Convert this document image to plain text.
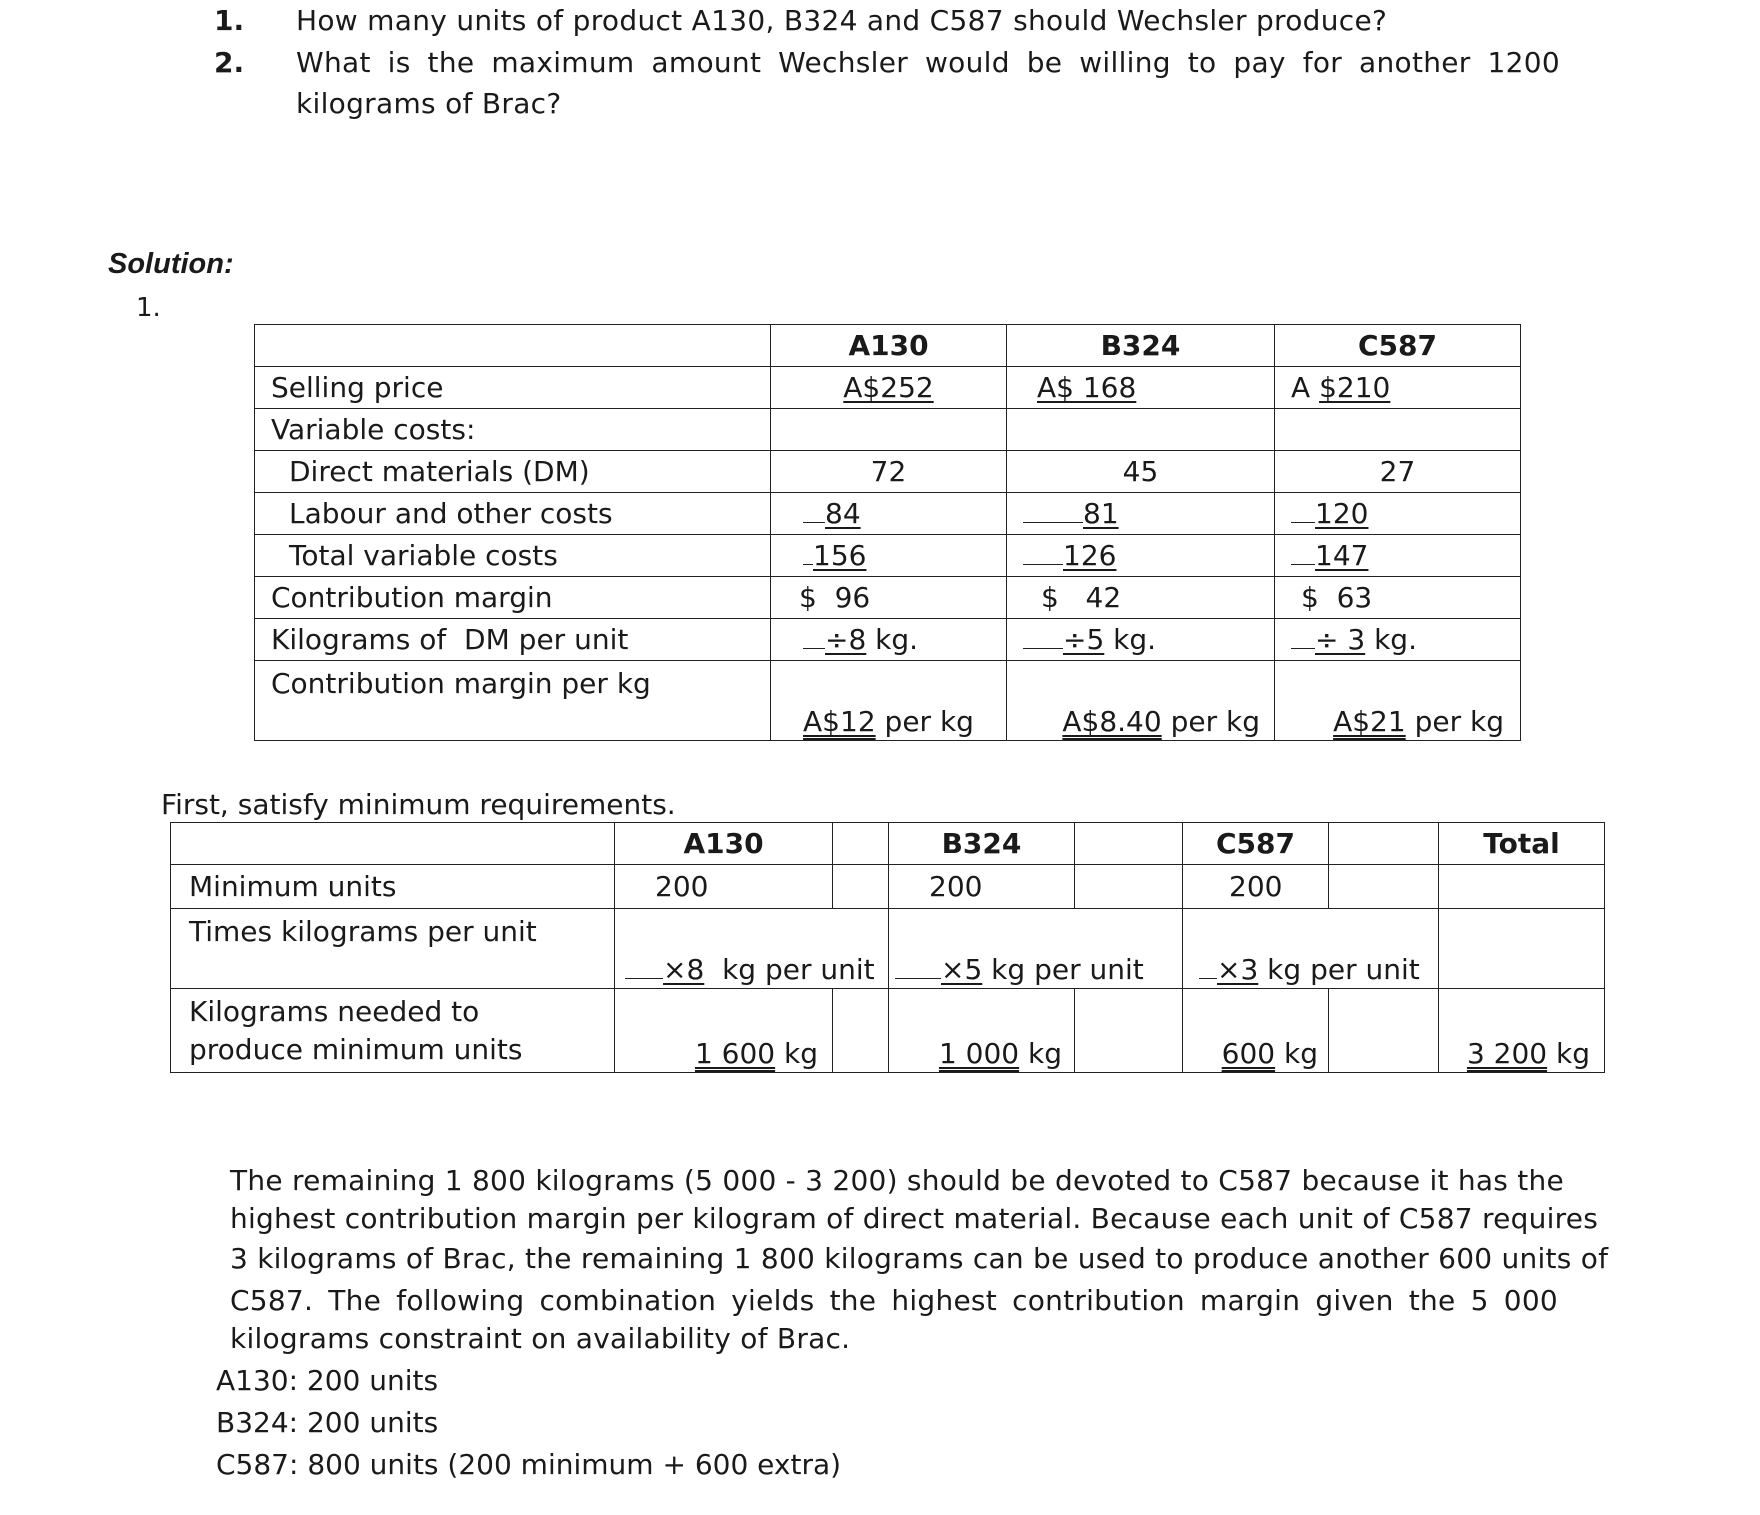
1. How many units of product A130, B324 and C587 should Wechsler produce?
2. What is the maximum amount Wechsler would be willing to pay for another 1200
kilograms of Brac?
Solution:
1.
	A130	B324	C587
Selling price	A$252	A$ 168	A $210
Variable costs:			
Direct materials (DM)	72	45	27
Labour and other costs	84	81	120
Total variable costs	156	126	147
Contribution margin	$  96	$   42	$  63
Kilograms of  DM per unit	÷8 kg.	÷5 kg.	÷ 3 kg.

Contribution margin per kg	A$12 per kg	A$8.40 per kg	A$21 per kg
First, satisfy minimum requirements.
	A130		B324		C587		Total
Minimum units	200		200		200		

Times kilograms per unit	×8  kg per unit		×5 kg per unit		×3 kg per unit		

Kilograms needed to
produce minimum units	1 600 kg		1 000 kg		600 kg		3 200 kg
The remaining 1 800 kilograms (5 000 - 3 200) should be devoted to C587 because it has the
highest contribution margin per kilogram of direct material. Because each unit of C587 requires
3 kilograms of Brac, the remaining 1 800 kilograms can be used to produce another 600 units of
C587. The following combination yields the highest contribution margin given the 5 000
kilograms constraint on availability of Brac.
A130: 200 units
B324: 200 units
C587: 800 units (200 minimum + 600 extra)
